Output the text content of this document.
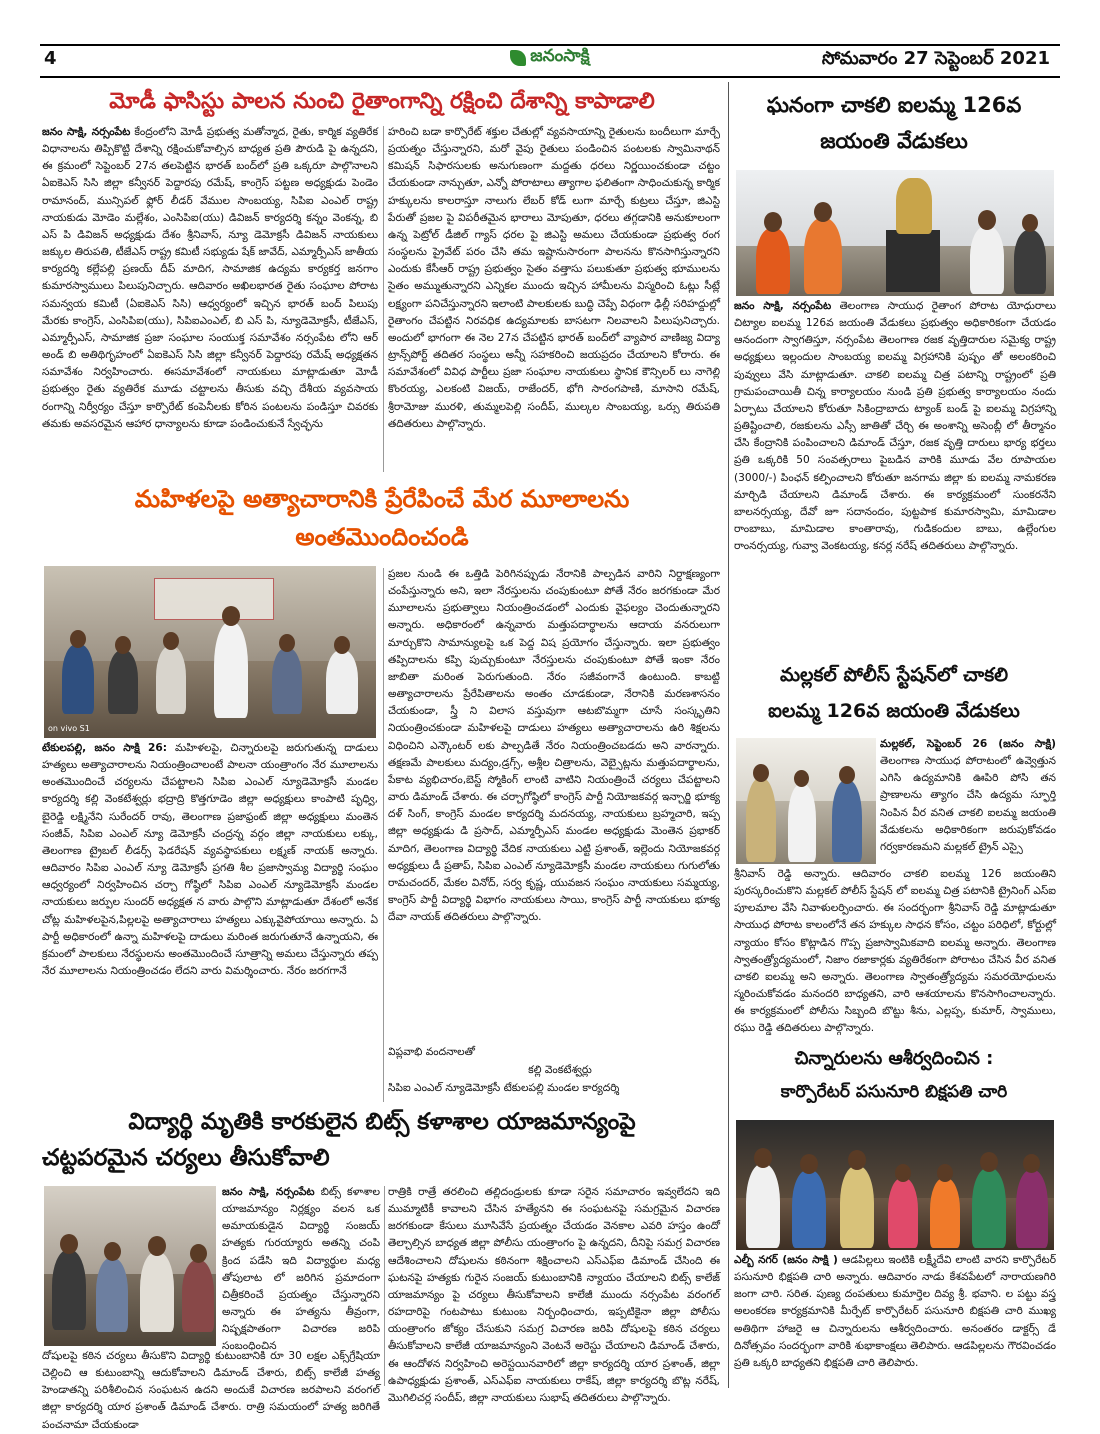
4	జనంసాక్షి	సోమవారం 27 సెప్టెంబర్ 2021
మోడీ ఫాసిస్టు పాలన నుంచి రైతాంగాన్ని రక్షించి దేశాన్ని కాపాడాలి
జనం సాక్షి, నర్సంపేట కేంద్రంలోని మోడీ ప్రభుత్వ మతోన్మాద, రైతు, కార్మిక వ్యతిరేక విధానాలను తిప్పికొట్టి దేశాన్ని రక్షించుకోవాల్సిన బాధ్యత ప్రతి పౌరుడి పై ఉన్నదని, ఈ క్రమంలో సెప్టెంబర్ 27న తలపెట్టిన భారత్ బంద్‌లో ప్రతి ఒక్కరూ పాల్గొనాలని ఏఐకెఎస్ సిసి జిల్లా కన్వీనర్ పెద్దారపు రమేష్, కాంగ్రెస్ పట్టణ అధ్యక్షుడు పెండెం రామానంద్, మున్సిపల్ ఫ్లోర్ లీడర్ వేముల సాంబయ్య, సిపిఐ ఎంఎల్ రాష్ట్ర నాయకుడు మోడెం మల్లేశం, ఎంసిపిఐ(యు) డివిజన్ కార్యదర్శి కన్నం వెంకన్న, బి ఎస్ పి డివిజన్ అధ్యక్షుడు దేశం శ్రీనివాస్, న్యూ డెమోక్రసీ డివిజన్ నాయకులు జక్కుల తిరుపతి, టీజేఎస్ రాష్ట్ర కమిటీ సభ్యుడు షేక్ జావేద్, ఎమ్మార్పీఎస్ జాతీయ కార్యదర్శి కల్లేపల్లి ప్రణయ్ దీప్ మాదిగ, సామాజిక ఉద్యమ కార్యకర్త జనగాం కుమారస్వాములు పిలుపునిచ్చారు. ఆదివారం అఖిలభారత రైతు సంఘాల పోరాట సమన్వయ కమిటీ (ఏఐకెఎస్ సిసి) ఆధ్వర్యంలో ఇచ్చిన భారత్ బంద్ పిలుపు మేరకు కాంగ్రెస్, ఎంసిపిఐ(యు), సిపిఐఎంఎల్, బి ఎస్ పి, న్యూడెమోక్రసీ, టీజేఎస్, ఎమ్మార్పీఎస్, సామాజిక ప్రజా సంఘాల సంయుక్త సమావేశం నర్సంపేట లోని ఆర్ అండ్ బి అతిథిగృహంలో ఏఐకెఎస్ సిసి జిల్లా కన్వీనర్ పెద్దారపు రమేష్ అధ్యక్షతన సమావేశం నిర్వహించారు. ఈసమావేశంలో నాయకులు మాట్లాడుతూ మోడీ ప్రభుత్వం రైతు వ్యతిరేక మూడు చట్టాలను తీసుకు వచ్చి దేశీయ వ్యవసాయ రంగాన్ని నిర్వీర్యం చేస్తూ కార్పొరేట్ కంపెనీలకు కోరిన పంటలను పండిస్తూ చివరకు తమకు అవసరమైన ఆహార ధాన్యాలను కూడా పండించుకునే స్వేచ్ఛను
హరించి బడా కార్పొరేట్ శక్తుల చేతుల్లో వ్యవసాయాన్ని రైతులను బందీలుగా మార్చే ప్రయత్నం చేస్తున్నారని, మరో వైపు రైతులు పండించిన పంటలకు స్వామినాథన్ కమిషన్ సిఫారసులకు అనుగుణంగా మద్దతు ధరలు నిర్ణయించకుండా చట్టం చేయకుండా నాన్చుతూ, ఎన్నో పోరాటాలు త్యాగాల ఫలితంగా సాధించుకున్న కార్మిక హక్కులను కాలరాస్తూ నాలుగు లేబర్ కోడ్ లుగా మార్చే కుట్రలు చేస్తూ, జిఎస్టి పేరుతో ప్రజల పై విపరీతమైన భారాలు మోపుతూ, ధరలు తగ్గడానికి అనుకూలంగా ఉన్న పెట్రోల్ డీజిల్ గ్యాస్ ధరల పై జిఎస్టి అమలు చేయకుండా ప్రభుత్వ రంగ సంస్థలను ప్రైవేట్ పరం చేసి తమ ఇష్టానుసారంగా పాలనను కొనసాగిస్తున్నారని ఎందుకు కేసీఆర్ రాష్ట్ర ప్రభుత్వం సైతం వత్తాసు పలుకుతూ ప్రభుత్వ భూములను సైతం అమ్ముతున్నారని ఎన్నికల ముందు ఇచ్చిన హామీలను విస్మరించి ఓట్లు సీట్లే లక్ష్యంగా పనిచేస్తున్నారని ఇలాంటి పాలకులకు బుద్ధి చెప్పే విధంగా ఢిల్లీ సరిహద్దుల్లో రైతాంగం చేపట్టిన నిరవధిక ఉద్యమాలకు బాసటగా నిలవాలని పిలుపునిచ్చారు. అందులో భాగంగా ఈ నెల 27న చేపట్టిన భారత్ బంద్‌లో వ్యాపార వాణిజ్య విద్యా ట్రాన్స్‌పోర్ట్ తదితర సంస్థలు అన్నీ సహకరించి జయప్రదం చేయాలని కోరారు. ఈ సమావేశంలో వివిధ పార్టీలు ప్రజా సంఘాల నాయకులు స్థానిక కౌన్సిలర్ లు నాగెల్లి కొంరయ్య, ఎలకంటి విజయ్, రాజేందర్, భోగి సారంగపాణి, మాసాని రమేష్, శ్రీరామోజు మురళి, తుమ్మలపెల్లి సందీప్, ముల్కల సాంబయ్య, ఒర్సు తిరుపతి తదితరులు పాల్గొన్నారు.
మహిళలపై అత్యాచారానికి ప్రేరేపించే మేర మూలాలను
అంతమొందించండి
on vivo S1
టేకులపల్లి, జనం సాక్షి 26: మహిళలపై, చిన్నారులపై జరుగుతున్న దాడులు హత్యలు అత్యాచారాలను నియంత్రించాలంటే పాలనా యంత్రాంగం నేర మూలాలను అంతమొందించే చర్యలను చేపట్టాలని సిపిఐ ఎంఎల్ న్యూడెమోక్రసీ మండల కార్యదర్శి కల్లి వెంకటేశ్వర్లు భద్రాద్రి కొత్తగూడెం జిల్లా అధ్యక్షులు కాంపాటి పృధ్వి, బైరెడ్డి లక్ష్మినేని సురేందర్ రావు, తెలంగాణ ప్రజాఫ్రంట్ జిల్లా అధ్యక్షులు మంతెన సంజీవ్, సిపిఐ ఎంఎల్ న్యూ డెమోక్రసీ చంద్రన్న వర్గం జిల్లా నాయకులు లక్కు, తెలంగాణ ట్రైబల్ లీడర్స్ ఫెడరేషన్ వ్యవస్థాపకులు లక్ష్మణ్ నాయక్ అన్నారు. ఆదివారం సిపిఐ ఎంఎల్ న్యూ డెమోక్రసీ ప్రగతి శీల ప్రజాస్వామ్య విద్యార్థి సంఘం ఆధ్వర్యంలో నిర్వహించిన చర్చా గోష్ఠిలో సిపిఐ ఎంఎల్ న్యూడెమోక్రసీ మండల నాయకులు జర్పుల సుందర్ అధ్యక్షత న వారు పాల్గొని మాట్లాడుతూ దేశంలో అనేక చోట్ల మహిళలపైన,పిల్లలపై అత్యాచారాలు హత్యలు ఎక్కువైపోయాయి అన్నారు. ఏ పార్టీ అధికారంలో ఉన్నా మహిళలపై దాడులు మరింత జరుగుతూనే ఉన్నాయని, ఈ క్రమంలో పాలకులు నేరస్థులను అంతమొందించే సూత్రాన్ని అమలు చేస్తున్నారు తప్ప నేర మూలాలను నియంత్రించడం లేదని వారు విమర్శించారు. నేరం జరగగానే
ప్రజల నుండి ఈ ఒత్తిడి పెరిగినప్పుడు నేరానికి పాల్పడిన వారిని నిర్దాక్షణ్యంగా చంపేస్తున్నారు అని, ఇలా నేరస్తులను చంపుకుంటూ పోతే నేరం జరగకుండా మేర మూలాలను ప్రభుత్వాలు నియంత్రించడంలో ఎందుకు వైఫల్యం చెందుతున్నారని అన్నారు. అధికారంలో ఉన్నవారు మత్తుపదార్థాలను ఆదాయ వనరులుగా మార్చుకొని సామాన్యులపై ఒక పెద్ద విష ప్రయోగం చేస్తున్నారు. ఇలా ప్రభుత్వం తప్పిదాలను కప్పి పుచ్చుకుంటూ నేరస్తులను చంపుకుంటూ పోతే ఇంకా నేరం జాబితా మరింత పెరుగుతుంది. నేరం సజీవంగానే ఉంటుంది. కాబట్టి అత్యాచారాలను ప్రేరేపితాలను అంతం చూడకుండా, నేరానికి మరణశాసనం చేయకుండా, స్త్రీ ని విలాస వస్తువుగా ఆటబొమ్మగా చూసే సంస్కృతిని నియంత్రించకుండా మహిళలపై దాడులు హత్యలు అత్యాచారాలను ఉరి శిక్షలను విధించిని ఎన్కౌంటర్ లకు పాల్పడితే నేరం నియంత్రించబడదు అని వారన్నారు. తక్షణమే పాలకులు మద్యం,డ్రగ్స్, అశ్లీల చిత్రాలను, వెబ్సైట్లను మత్తుపదార్థాలను, పేకాట వ్యభిచారం,బెస్ట్ స్మోకింగ్ లాంటి వాటిని నియంత్రించే చర్యలు చేపట్టాలని వారు డిమాండ్ చేశారు. ఈ చర్చాగోష్ఠిలో కాంగ్రెస్ పార్టీ నియోజకవర్గ ఇన్చార్జి భూక్య దళ్ సింగ్, కాంగ్రెస్ మండల కార్యదర్శి మదనయ్య, నాయకులు బ్రహ్మచారి, ఇప్ప జిల్లా అధ్యక్షుడు డి ప్రసాద్, ఎమ్మార్పీఎస్ మండల అధ్యక్షుడు మెంతెన ప్రభాకర్ మాదిగ, తెలంగాణ విద్యార్థి వేదిక నాయకులు ఎట్టి ప్రశాంత్, ఇల్లెందు నియోజకవర్గ అధ్యక్షులు డీ ప్రతాప్, సిపిఐ ఎంఎల్ న్యూడెమోక్రసీ మండల నాయకులు గుగులోతు రామచందర్, మేకల వినోద్, సర్వ కృష్ణ, యువజన సంఘం నాయకులు సమ్మయ్య, కాంగ్రెస్ పార్టీ విద్యార్థి విభాగం నాయకులు సాయి, కాంగ్రెస్ పార్టీ నాయకులు భూక్య దేవా నాయక్ తదితరులు పాల్గొన్నారు.
విప్లవాభి వందనాలతో
కల్లి వెంకటేశ్వర్లు
సిపిఐ ఎంఎల్ న్యూడెమోక్రసీ టేకులపల్లి మండల కార్యదర్శి
విద్యార్థి మృతికి కారకులైన బిట్స్ కళాశాల యాజమాన్యంపై
చట్టపరమైన చర్యలు తీసుకోవాలి
జనం సాక్షి, నర్సంపేట బిట్స్ కళాశాల యాజమాన్యం నిర్లక్ష్యం వలన ఒక అమాయకుడైన విద్యార్థి సంజయ్ హత్యకు గురయ్యారు అతన్ని చంపి క్రింద పడేసి ఇది విద్యార్థుల మధ్య తోపులాట లో జరిగిన ప్రమాదంగా చిత్రీకరించే ప్రయత్నం చేస్తున్నారని అన్నారు ఈ హత్యను తీవ్రంగా, నిష్పక్షపాతంగా విచారణ జరిపి సంబంధించిన
దోషులపై కఠిన చర్యలు తీసుకొని విద్యార్థి కుటుంబానికి రూ 30 లక్షల ఎక్స్‌గ్రేషియా చెల్లించి ఆ కుటుంబాన్ని ఆదుకోవాలని డిమాండ్ చేశారు, బిట్స్ కాలేజీ హత్య హెండాతన్ని పరిశీలించిన సంఘటన ఉదని అందుకే విచారణ జరపాలని వరంగల్ జిల్లా కార్యదర్శి యార ప్రశాంత్ డిమాండ్ చేశారు. రాత్రి సమయంలో హత్య జరిగితే పంచనామా చేయకుండా
రాత్రికి రాత్రే తరలించి తల్లిదండ్రులకు కూడా సరైన సమాచారం ఇవ్వలేదని ఇది ముమ్మాటికీ కావాలని చేసిన హత్యేనని ఈ సంఘటనపై సమగ్రమైన విచారణ జరగకుండా కేసులు మూసివేసే ప్రయత్నం చేయడం వెనకాల ఎవరి హస్తం ఉందో తెల్చాల్సిన బాధ్యత జిల్లా పోలీసు యంత్రాంగం పై ఉన్నదని, దీనిపై సమగ్ర విచారణ ఆదేశించాలని దోషులను కఠినంగా శిక్షించాలని ఎస్ఎఫ్ఐ డిమాండ్ చేసింది ఈ ఘటనపై హత్యకు గురైన సంజయ్ కుటుంబానికి న్యాయం చేయాలని బిట్స్ కాలేజ్ యాజమాన్యం పై చర్యలు తీసుకోవాలని కాలేజీ ముందు నర్సంపేట వరంగల్ రహదారిపై గంటపాటు కుటుంబ నిర్బంధించారు, ఇప్పటికైనా జిల్లా పోలీసు యంత్రాంగం జోక్యం చేసుకుని సమగ్ర విచారణ జరిపి దోషులపై కఠిన చర్యలు తీసుకోవాలని కాలేజీ యాజమాన్యంని వెంటనే అరెస్టు చేయాలని డిమాండ్ చేశారు, ఈ ఆందోళన నిర్వహించి అరెస్టయినవారిలో జిల్లా కార్యదర్శి యార ప్రశాంత్, జిల్లా ఉపాధ్యక్షుడు ప్రశాంత్, ఎస్ఎఫ్ఐ నాయకులు రాకేష్, జిల్లా కార్యదర్శి బొట్ల నరేష్, మొగిలిచర్ల సందీప్, జిల్లా నాయకులు సుభాష్ తదితరులు పాల్గొన్నారు.
ఘనంగా చాకలి ఐలమ్మ 126వ
జయంతి వేడుకలు
జనం సాక్షి, నర్సంపేట తెలంగాణ సాయుధ రైతాంగ పోరాట యోధురాలు చిట్యాల ఐలమ్మ 126వ జయంతి వేడుకలు ప్రభుత్వం అధికారికంగా చేయడం ఆనందంగా స్వాగతిస్తూ, నర్సంపేట తెలంగాణ రజక వృత్తిదారుల సమైక్య రాష్ట్ర అధ్యక్షులు ఇల్లందుల సాంబయ్య ఐలమ్మ విగ్రహానికి పుష్పం తో అలంకరించి పువ్వులు వేసి మాట్లాడుతూ. చాకలి ఐలమ్మ చిత్ర పటాన్ని రాష్ట్రంలో ప్రతి గ్రామపంచాయితీ చిన్న కార్యాలయం నుండి ప్రతి ప్రభుత్వ కార్యాలయం నందు ఏర్పాటు చేయాలని కోరుతూ సికింద్రాబాదు ట్యాంక్ బండ్ పై ఐలమ్మ విగ్రహాన్ని ప్రతిష్టించాలి, రజకులను ఎస్సీ జాతితో చేర్చి ఈ అంశాన్ని అసెంబ్లీ లో తీర్మానం చేసి కేంద్రానికి పంపించాలని డిమాండ్ చేస్తూ, రజక వృత్తి దారులు భార్య భర్తలు ప్రతి ఒక్కరికి 50 సంవత్సరాలు పైబడిన వారికి మూడు వేల రూపాయల (3000/-) పింఛన్ కల్పించాలని కోరుతూ జనగామ జిల్లా కు ఐలమ్మ నామకరణ మార్చిడి చేయాలని డిమాండ్ చేశారు. ఈ కార్యక్రమంలో సుంకరనేని బాలనర్సయ్య, దేవో జూ సదానందం, పుట్టపాక కుమారస్వామి, మామిడాల రాంబాబు, మామిడాల కాంతారావు, గుడికందుల బాబు, ఉల్లేంగుల రాంనర్సయ్య, గువ్వా వెంకటయ్య, కనర్ల నరేష్ తదితరులు పాల్గొన్నారు.
మల్లకల్ పోలీస్ స్టేషన్‌లో చాకలి
ఐలమ్మ 126వ జయంతి వేడుకలు
మల్లకల్, సెప్టెంబర్ 26 (జనం సాక్షి) తెలంగాణ సాయుధ పోరాటంలో ఉవ్వెత్తున ఎగిసి ఉద్యమానికి ఊపిరి పోసి తన ప్రాణాలను త్యాగం చేసి ఉద్యమ స్ఫూర్తి నింపిన వీర వనిత చాకలి ఐలమ్మ జయంతి వేడుకలను అధికారికంగా జరుపుకోవడం గర్వకారణమని మల్లకల్ ట్రైన్ ఎస్సై
శ్రీనివాస్ రెడ్డి అన్నారు. ఆదివారం చాకలి ఐలమ్మ 126 జయంతిని పురస్కరించుకొని మల్లకల్ పోలీస్ స్టేషన్ లో ఐలమ్మ చిత్ర పటానికి ట్రైనింగ్ ఎస్ఐ పూలమాల వేసి నివాళులర్పించారు. ఈ సందర్భంగా శ్రీనివాస్ రెడ్డి మాట్లాడుతూ సాయుధ పోరాట కాలంలోనే తన హక్కుల సాధన కోసం, చట్టం పరిధిలో, కోర్టుల్లో న్యాయం కోసం కొట్లాడిన గొప్ప ప్రజాస్వామికవాది ఐలమ్మ అన్నారు. తెలంగాణ స్వాతంత్ర్యోద్యమంలో, నిజాం రజాకార్లకు వ్యతిరేకంగా పోరాటం చేసిన వీర వనిత చాకలి ఐలమ్మ అని అన్నారు. తెలంగాణ స్వాతంత్ర్యోద్యమ సమరయోధులను స్మరించుకోవడం మనందరి బాధ్యతని, వారి ఆశయాలను కొనసాగించాలన్నారు. ఈ కార్యక్రమంలో పోలీసు సిబ్బంది బొట్టు శీను, ఎల్లప్ప, కుమార్, స్వాములు, రఘు రెడ్డి తదితరులు పాల్గొన్నారు.
చిన్నారులను ఆశీర్వదించిన :
కార్పొరేటర్ పసునూరి బిక్షపతి చారి
ఎల్బీ నగర్ (జనం సాక్షి ) ఆడపిల్లలు ఇంటికి లక్ష్మీదేవి లాంటి వారని కార్పొరేటర్ పసునూరి భిక్షపతి చారి అన్నారు. ఆదివారం నాడు కేశవపేటలో నారాయణగిరి జంగా చారి. సరిత. పుణ్య దంపతులు కుమార్తెల దివ్య శ్రీ. భవాని. ల పట్టు వస్త్ర అలంకరణ కార్యక్రమానికి మీర్పేట్ కార్పొరేటర్ పసునూరి బిక్షపతి చారి ముఖ్య అతిథిగా హాజరై ఆ చిన్నారులను ఆశీర్వదించారు. అనంతరం డాక్టర్స్ డే దినోత్సవం సందర్భంగా వారికి శుభాకాంక్షలు తెలిపారు. ఆడపిల్లలను గౌరవించడం ప్రతి ఒక్కరి బాధ్యతని భిక్షపతి చారి తెలిపారు.
